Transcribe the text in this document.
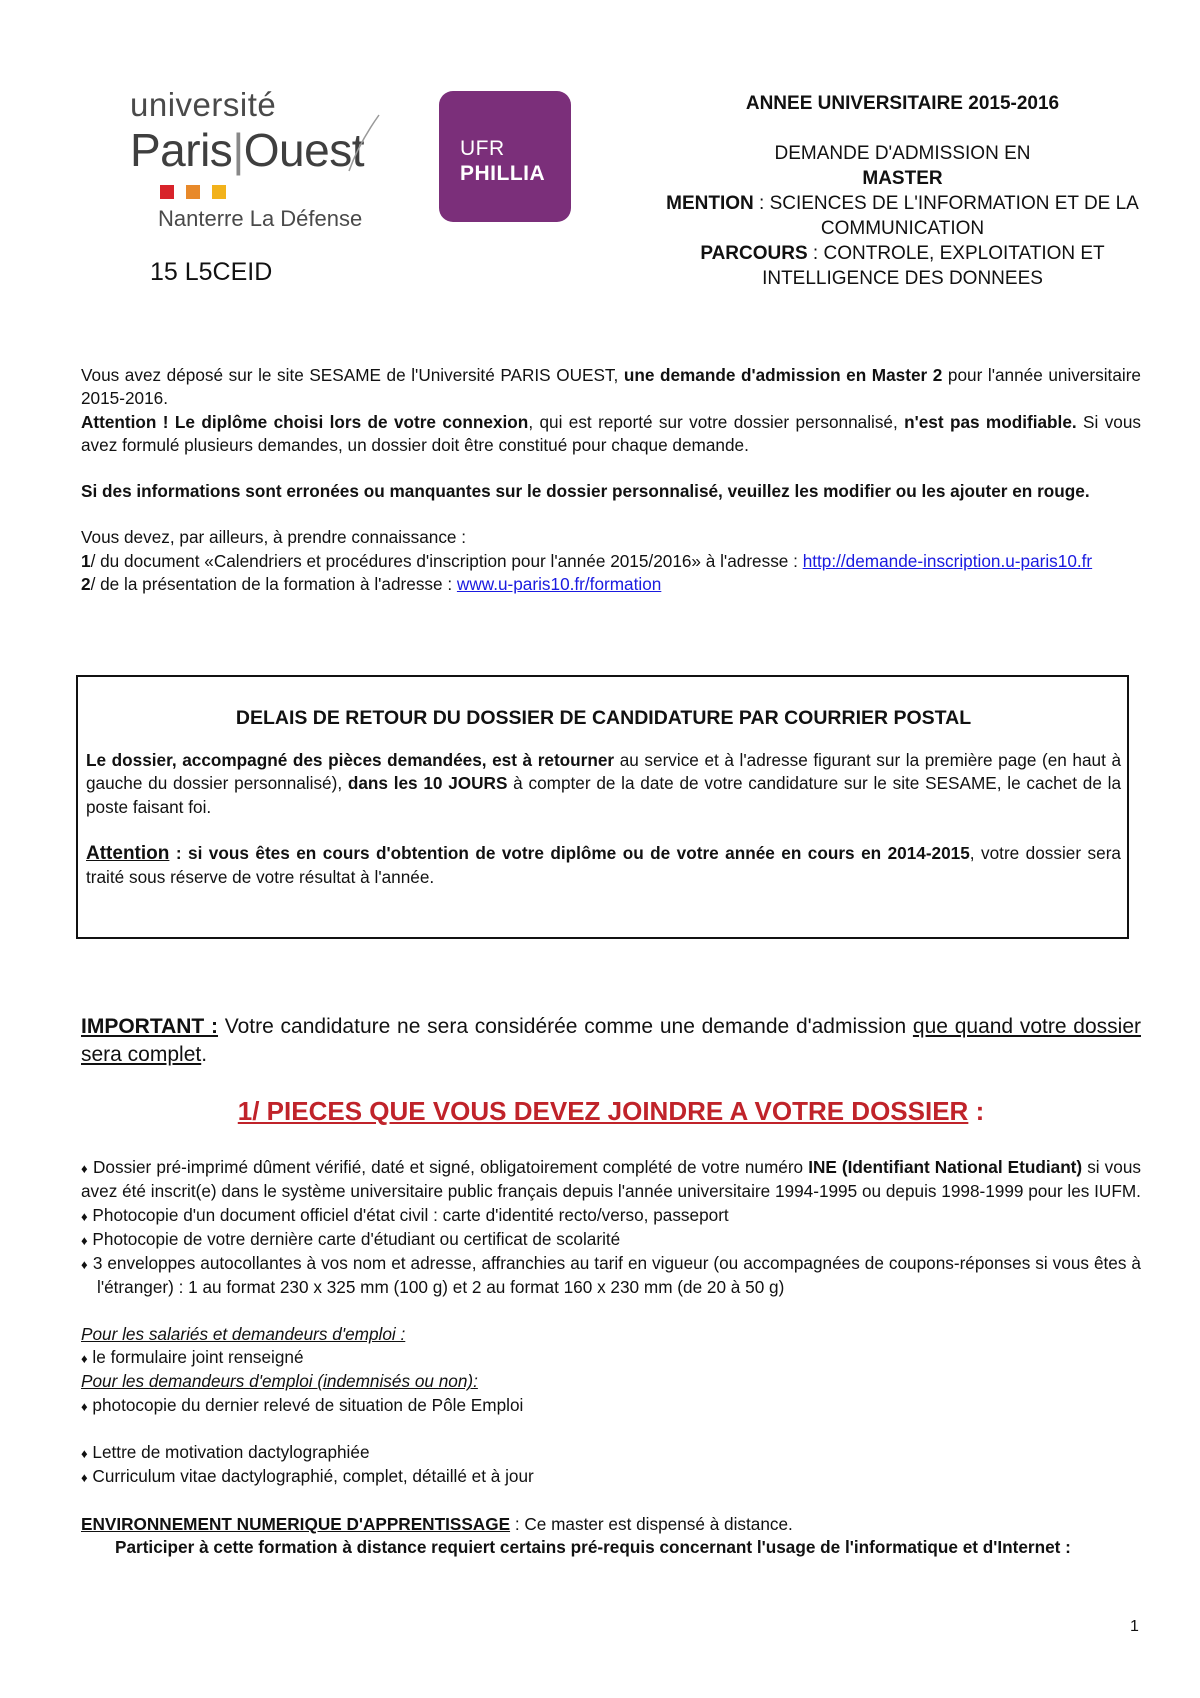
université
Paris|Ouest
Nanterre La Défense
UFR
PHILLIA
15 L5CEID

ANNEE UNIVERSITAIRE 2015-2016

DEMANDE D'ADMISSION EN

MASTER

MENTION : SCIENCES DE L'INFORMATION ET DE LA COMMUNICATION

PARCOURS : CONTROLE, EXPLOITATION ET INTELLIGENCE DES DONNEES

Vous avez déposé sur le site SESAME de l'Université PARIS OUEST, une demande d'admission en Master 2 pour l'année universitaire 2015-2016.

Attention ! Le diplôme choisi lors de votre connexion, qui est reporté sur votre dossier personnalisé, n'est pas modifiable. Si vous avez formulé plusieurs demandes, un dossier doit être constitué pour chaque demande.

Si des informations sont erronées ou manquantes sur le dossier personnalisé, veuillez les modifier ou les ajouter en rouge.

Vous devez, par ailleurs, à prendre connaissance :

1/ du document «Calendriers et procédures d'inscription pour l'année 2015/2016» à l'adresse : http://demande-inscription.u-paris10.fr

2/ de la présentation de la formation à l'adresse : www.u-paris10.fr/formation

DELAIS DE RETOUR DU DOSSIER DE CANDIDATURE PAR COURRIER POSTAL

Le dossier, accompagné des pièces demandées, est à retourner au service et à l'adresse figurant sur la première page (en haut à gauche du dossier personnalisé), dans les 10 JOURS à compter de la date de votre candidature sur le site SESAME, le cachet de la poste faisant foi.

Attention : si vous êtes en cours d'obtention de votre diplôme ou de votre année en cours en 2014-2015, votre dossier sera traité sous réserve de votre résultat à l'année.

IMPORTANT : Votre candidature ne sera considérée comme une demande d'admission que quand votre dossier sera complet.
1/ PIECES QUE VOUS DEVEZ JOINDRE A VOTRE DOSSIER :

♦ Dossier pré-imprimé dûment vérifié, daté et signé, obligatoirement complété de votre numéro INE (Identifiant National Etudiant) si vous avez été inscrit(e) dans le système universitaire public français depuis l'année universitaire 1994-1995 ou depuis 1998-1999 pour les IUFM.

♦ Photocopie d'un document officiel d'état civil : carte d'identité recto/verso, passeport

♦ Photocopie de votre dernière carte d'étudiant ou certificat de scolarité

♦ 3 enveloppes autocollantes à vos nom et adresse, affranchies au tarif en vigueur (ou accompagnées de coupons-réponses si vous êtes à l'étranger) : 1 au format 230 x 325 mm (100 g) et 2 au format 160 x 230 mm (de 20 à 50 g)

Pour les salariés et demandeurs d'emploi :

♦ le formulaire joint renseigné

Pour les demandeurs d'emploi (indemnisés ou non):

♦ photocopie du dernier relevé de situation de Pôle Emploi

♦ Lettre de motivation dactylographiée

♦ Curriculum vitae dactylographié, complet, détaillé et à jour

ENVIRONNEMENT NUMERIQUE D'APPRENTISSAGE : Ce master est dispensé à distance.

Participer à cette formation à distance requiert certains pré-requis concernant l'usage de l'informatique et d'Internet :

1
